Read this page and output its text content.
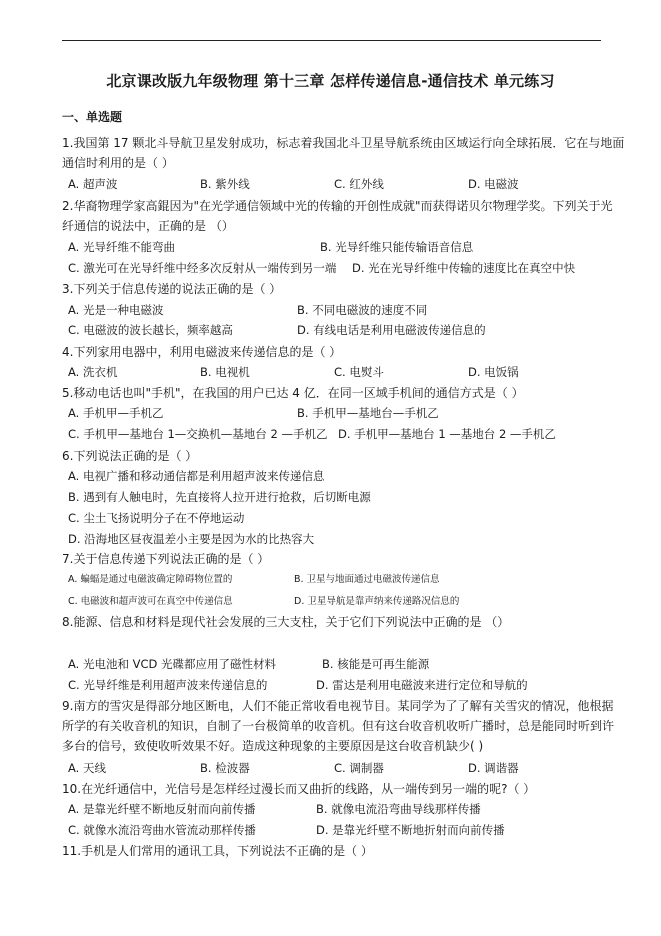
北京课改版九年级物理 第十三章 怎样传递信息-通信技术 单元练习
一、单选题
1.我国第 17 颗北斗导航卫星发射成功，标志着我国北斗卫星导航系统由区域运行向全球拓展．它在与地面
通信时利用的是（ ）
A. 超声波	B. 紫外线	C. 红外线	D. 电磁波
2.华裔物理学家高錕因为"在光学通信领域中光的传输的开创性成就"而获得诺贝尔物理学奖。下列关于光
纤通信的说法中，正确的是 （）
A. 光导纤维不能弯曲	B. 光导纤维只能传输语音信息
C. 激光可在光导纤维中经多次反射从一端传到另一端 D. 光在光导纤维中传输的速度比在真空中快
3.下列关于信息传递的说法正确的是（ ）
A. 光是一种电磁波	B. 不同电磁波的速度不同
C. 电磁波的波长越长，频率越高	D. 有线电话是利用电磁波传递信息的
4.下列家用电器中，利用电磁波来传递信息的是（ ）
A. 洗衣机	B. 电视机	C. 电熨斗	D. 电饭锅
5.移动电话也叫"手机"，在我国的用户已达 4 亿．在同一区域手机间的通信方式是（ ）
A. 手机甲—手机乙	B. 手机甲—基地台—手机乙
C. 手机甲—基地台 1—交换机—基地台 2 —手机乙 D. 手机甲—基地台 1 —基地台 2 —手机乙
6.下列说法正确的是（ ）
A. 电视广播和移动通信都是利用超声波来传递信息
B. 遇到有人触电时，先直接将人拉开进行抢救，后切断电源
C. 尘土飞扬说明分子在不停地运动
D. 沿海地区昼夜温差小主要是因为水的比热容大
7.关于信息传递下列说法正确的是（ ）
A. 蝙蝠是通过电磁波确定障碍物位置的	B. 卫星与地面通过电磁波传递信息
C. 电磁波和超声波可在真空中传递信息	D. 卫星导航是靠声纳来传递路况信息的
8.能源、信息和材料是现代社会发展的三大支柱，关于它们下列说法中正确的是 （）
A. 光电池和 VCD 光碟都应用了磁性材料	B. 核能是可再生能源
C. 光导纤维是利用超声波来传递信息的	D. 雷达是利用电磁波来进行定位和导航的
9.南方的雪灾是得部分地区断电，人们不能正常收看电视节目。某同学为了了解有关雪灾的情况，他根据
所学的有关收音机的知识，自制了一台极简单的收音机。但有这台收音机收听广播时，总是能同时听到许
多台的信号，致使收听效果不好。造成这种现象的主要原因是这台收音机缺少( )
A. 天线	B. 检波器	C. 调制器	D. 调谐器
10.在光纤通信中，光信号是怎样经过漫长而又曲折的线路，从一端传到另一端的呢?（ ）
A. 是靠光纤壁不断地反射而向前传播	B. 就像电流沿弯曲导线那样传播
C. 就像水流沿弯曲水管流动那样传播	D. 是靠光纤壁不断地折射而向前传播
11.手机是人们常用的通讯工具，下列说法不正确的是（ ）
